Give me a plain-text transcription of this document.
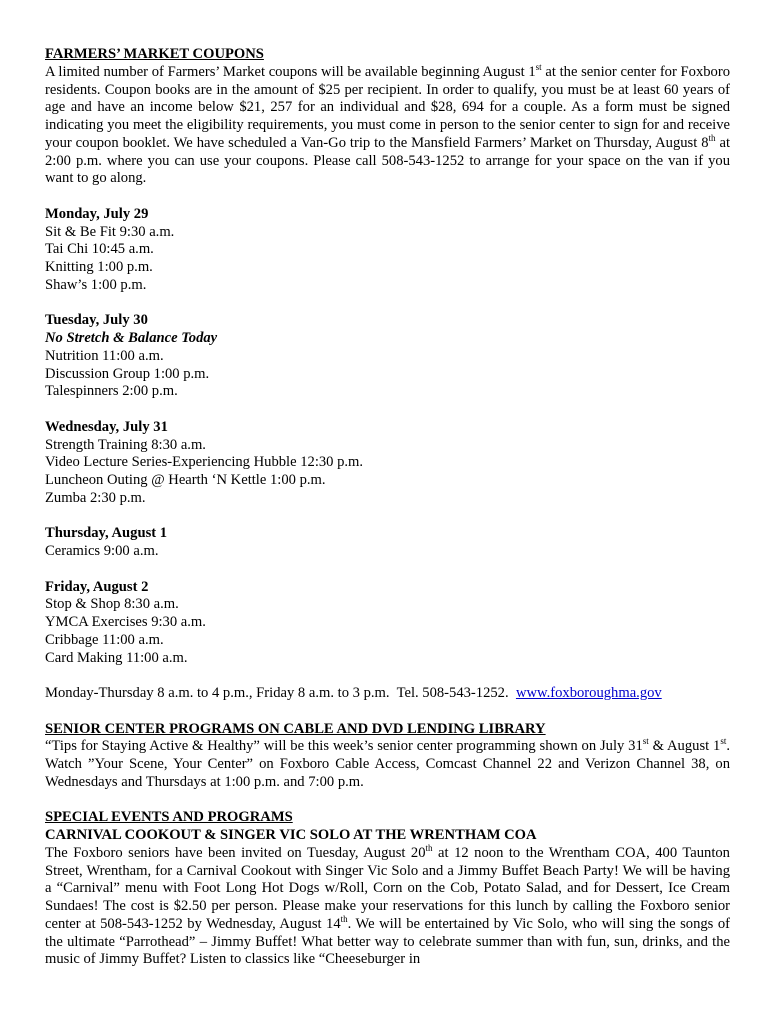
FARMERS’ MARKET COUPONS
A limited number of Farmers’ Market coupons will be available beginning August 1st at the senior center for Foxboro residents. Coupon books are in the amount of $25 per recipient. In order to qualify, you must be at least 60 years of age and have an income below $21, 257 for an individual and $28, 694 for a couple. As a form must be signed indicating you meet the eligibility requirements, you must come in person to the senior center to sign for and receive your coupon booklet. We have scheduled a Van-Go trip to the Mansfield Farmers’ Market on Thursday, August 8th at 2:00 p.m. where you can use your coupons. Please call 508-543-1252 to arrange for your space on the van if you want to go along.
Monday, July 29
Sit & Be Fit 9:30 a.m.
Tai Chi 10:45 a.m.
Knitting 1:00 p.m.
Shaw’s 1:00 p.m.
Tuesday, July 30
No Stretch & Balance Today
Nutrition 11:00 a.m.
Discussion Group 1:00 p.m.
Talespinners 2:00 p.m.
Wednesday, July 31
Strength Training 8:30 a.m.
Video Lecture Series-Experiencing Hubble 12:30 p.m.
Luncheon Outing @ Hearth ‘N Kettle 1:00 p.m.
Zumba 2:30 p.m.
Thursday, August 1
Ceramics 9:00 a.m.
Friday, August 2
Stop & Shop 8:30 a.m.
YMCA Exercises 9:30 a.m.
Cribbage 11:00 a.m.
Card Making 11:00 a.m.
Monday-Thursday 8 a.m. to 4 p.m., Friday 8 a.m. to 3 p.m.  Tel. 508-543-1252.  www.foxboroughma.gov
SENIOR CENTER PROGRAMS ON CABLE AND DVD LENDING LIBRARY
“Tips for Staying Active & Healthy” will be this week’s senior center programming shown on July 31st & August 1st. Watch ”Your Scene, Your Center” on Foxboro Cable Access, Comcast Channel 22 and Verizon Channel 38, on Wednesdays and Thursdays at 1:00 p.m. and 7:00 p.m.
SPECIAL EVENTS AND PROGRAMS
CARNIVAL COOKOUT & SINGER VIC SOLO AT THE WRENTHAM COA
The Foxboro seniors have been invited on Tuesday, August 20th at 12 noon to the Wrentham COA, 400 Taunton Street, Wrentham, for a Carnival Cookout with Singer Vic Solo and a Jimmy Buffet Beach Party! We will be having a “Carnival” menu with Foot Long Hot Dogs w/Roll, Corn on the Cob, Potato Salad, and for Dessert, Ice Cream Sundaes! The cost is $2.50 per person. Please make your reservations for this lunch by calling the Foxboro senior center at 508-543-1252 by Wednesday, August 14th. We will be entertained by Vic Solo, who will sing the songs of the ultimate “Parrothead” – Jimmy Buffet! What better way to celebrate summer than with fun, sun, drinks, and the music of Jimmy Buffet? Listen to classics like “Cheeseburger in
